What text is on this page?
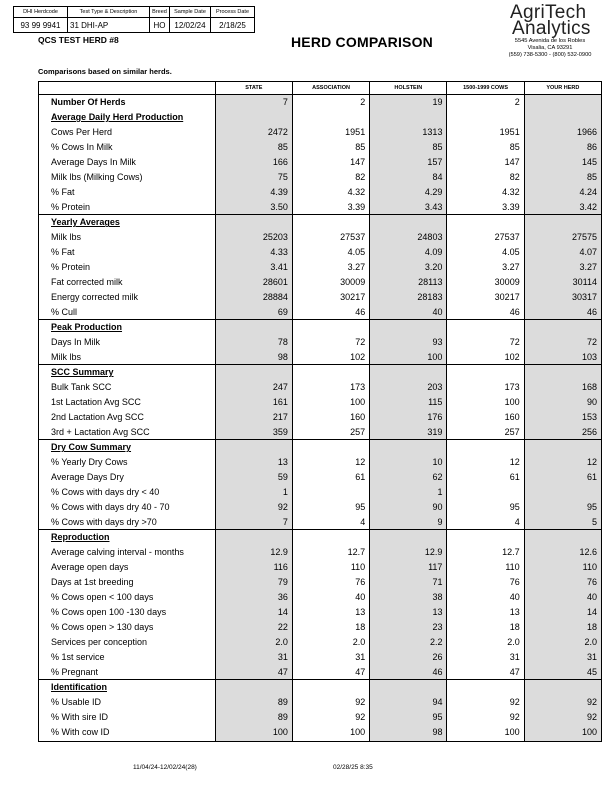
DHI Herdcode	Test Type & Description	Breed	Sample Date	Process Date
93 99 9941	31 DHI-AP	HO	12/02/24	2/18/25
QCS TEST HERD #8	HERD COMPARISON
AgriTech
Analytics
5545 Avenida de los Robles
Visalia, CA 93291
(559) 738-5300 - (800) 532-0900
Comparisons based on similar herds.
	STATE	ASSOCIATION	HOLSTEIN	1500-1999 COWS	YOUR HERD
Number Of Herds	7	2	19	2	
Average Daily Herd Production					
Cows Per Herd	2472	1951	1313	1951	1966
% Cows In Milk	85	85	85	85	86
Average Days In Milk	166	147	157	147	145
Milk lbs (Milking Cows)	75	82	84	82	85
% Fat	4.39	4.32	4.29	4.32	4.24
% Protein	3.50	3.39	3.43	3.39	3.42
Yearly Averages					
Milk lbs	25203	27537	24803	27537	27575
% Fat	4.33	4.05	4.09	4.05	4.07
% Protein	3.41	3.27	3.20	3.27	3.27
Fat corrected milk	28601	30009	28113	30009	30114
Energy corrected milk	28884	30217	28183	30217	30317
% Cull	69	46	40	46	46
Peak Production					
Days In Milk	78	72	93	72	72
Milk lbs	98	102	100	102	103
SCC Summary					
Bulk Tank SCC	247	173	203	173	168
1st Lactation Avg SCC	161	100	115	100	90
2nd Lactation Avg SCC	217	160	176	160	153
3rd + Lactation Avg SCC	359	257	319	257	256
Dry Cow Summary					
% Yearly Dry Cows	13	12	10	12	12
Average Days Dry	59	61	62	61	61
% Cows with days dry < 40	1		1		
% Cows with days dry 40 - 70	92	95	90	95	95
% Cows with days dry >70	7	4	9	4	5
Reproduction					
Average calving interval - months	12.9	12.7	12.9	12.7	12.6
Average open days	116	110	117	110	110
Days at 1st breeding	79	76	71	76	76
% Cows open < 100 days	36	40	38	40	40
% Cows open 100 -130 days	14	13	13	13	14
% Cows open > 130 days	22	18	23	18	18
Services per conception	2.0	2.0	2.2	2.0	2.0
% 1st service	31	31	26	31	31
% Pregnant	47	47	46	47	45
Identification					
% Usable ID	89	92	94	92	92
% With sire ID	89	92	95	92	92
% With cow ID	100	100	98	100	100

11/04/24-12/02/24(28)	02/28/25 8:35
